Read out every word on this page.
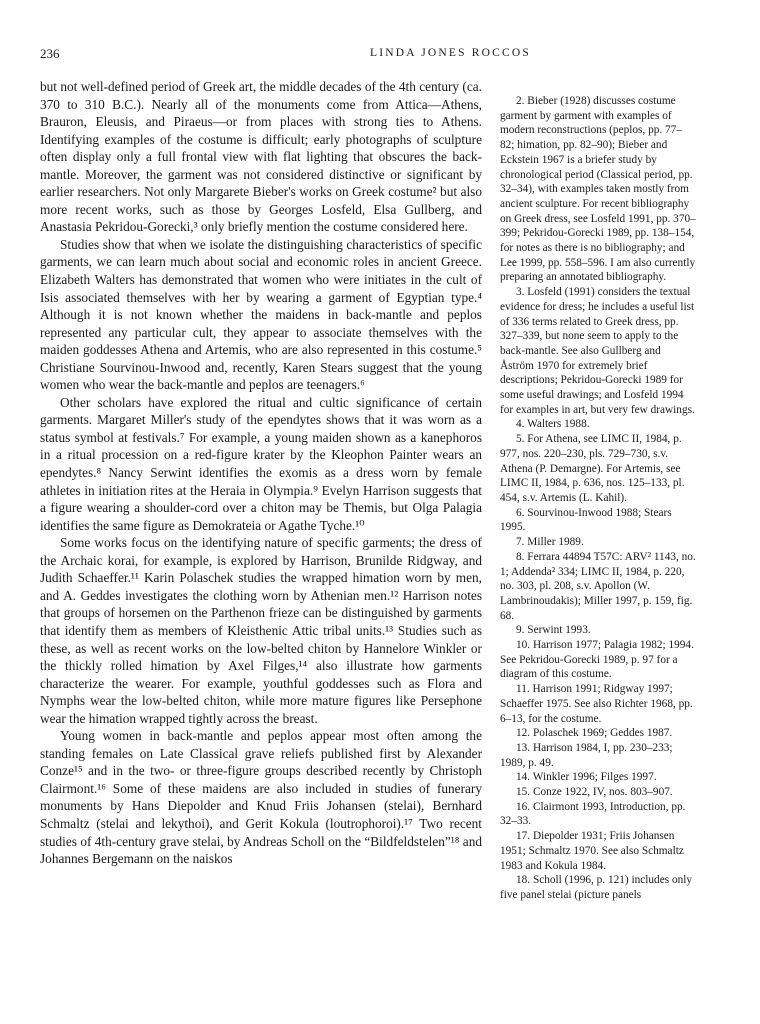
236	LINDA JONES ROCCOS

but not well-defined period of Greek art, the middle decades of the 4th century (ca. 370 to 310 B.C.). Nearly all of the monuments come from Attica—Athens, Brauron, Eleusis, and Piraeus—or from places with strong ties to Athens. Identifying examples of the costume is difficult; early photographs of sculpture often display only a full frontal view with flat lighting that obscures the back-mantle. Moreover, the garment was not considered distinctive or significant by earlier researchers. Not only Margarete Bieber's works on Greek costume² but also more recent works, such as those by Georges Losfeld, Elsa Gullberg, and Anastasia Pekridou-Gorecki,³ only briefly mention the costume considered here.

Studies show that when we isolate the distinguishing characteristics of specific garments, we can learn much about social and economic roles in ancient Greece. Elizabeth Walters has demonstrated that women who were initiates in the cult of Isis associated themselves with her by wearing a garment of Egyptian type.⁴ Although it is not known whether the maidens in back-mantle and peplos represented any particular cult, they appear to associate themselves with the maiden goddesses Athena and Artemis, who are also represented in this costume.⁵ Christiane Sourvinou-Inwood and, recently, Karen Stears suggest that the young women who wear the back-mantle and peplos are teenagers.⁶

Other scholars have explored the ritual and cultic significance of certain garments. Margaret Miller's study of the ependytes shows that it was worn as a status symbol at festivals.⁷ For example, a young maiden shown as a kanephoros in a ritual procession on a red-figure krater by the Kleophon Painter wears an ependytes.⁸ Nancy Serwint identifies the exomis as a dress worn by female athletes in initiation rites at the Heraia in Olympia.⁹ Evelyn Harrison suggests that a figure wearing a shoulder-cord over a chiton may be Themis, but Olga Palagia identifies the same figure as Demokrateia or Agathe Tyche.¹⁰

Some works focus on the identifying nature of specific garments; the dress of the Archaic korai, for example, is explored by Harrison, Brunilde Ridgway, and Judith Schaeffer.¹¹ Karin Polaschek studies the wrapped himation worn by men, and A. Geddes investigates the clothing worn by Athenian men.¹² Harrison notes that groups of horsemen on the Parthenon frieze can be distinguished by garments that identify them as members of Kleisthenic Attic tribal units.¹³ Studies such as these, as well as recent works on the low-belted chiton by Hannelore Winkler or the thickly rolled himation by Axel Filges,¹⁴ also illustrate how garments characterize the wearer. For example, youthful goddesses such as Flora and Nymphs wear the low-belted chiton, while more mature figures like Persephone wear the himation wrapped tightly across the breast.

Young women in back-mantle and peplos appear most often among the standing females on Late Classical grave reliefs published first by Alexander Conze¹⁵ and in the two- or three-figure groups described recently by Christoph Clairmont.¹⁶ Some of these maidens are also included in studies of funerary monuments by Hans Diepolder and Knud Friis Johansen (stelai), Bernhard Schmaltz (stelai and lekythoi), and Gerit Kokula (loutrophoroi).¹⁷ Two recent studies of 4th-century grave stelai, by Andreas Scholl on the “Bildfeldstelen”¹⁸ and Johannes Bergemann on the naiskos

2. Bieber (1928) discusses costume garment by garment with examples of modern reconstructions (peplos, pp. 77–82; himation, pp. 82–90); Bieber and Eckstein 1967 is a briefer study by chronological period (Classical period, pp. 32–34), with examples taken mostly from ancient sculpture. For recent bibliography on Greek dress, see Losfeld 1991, pp. 370–399; Pekridou-Gorecki 1989, pp. 138–154, for notes as there is no bibliography; and Lee 1999, pp. 558–596. I am also currently preparing an annotated bibliography.

3. Losfeld (1991) considers the textual evidence for dress; he includes a useful list of 336 terms related to Greek dress, pp. 327–339, but none seem to apply to the back-mantle. See also Gullberg and Åström 1970 for extremely brief descriptions; Pekridou-Gorecki 1989 for some useful drawings; and Losfeld 1994 for examples in art, but very few drawings.

4. Walters 1988.

5. For Athena, see LIMC II, 1984, p. 977, nos. 220–230, pls. 729–730, s.v. Athena (P. Demargne). For Artemis, see LIMC II, 1984, p. 636, nos. 125–133, pl. 454, s.v. Artemis (L. Kahil).

6. Sourvinou-Inwood 1988; Stears 1995.

7. Miller 1989.

8. Ferrara 44894 T57C: ARV² 1143, no. 1; Addenda² 334; LIMC II, 1984, p. 220, no. 303, pl. 208, s.v. Apollon (W. Lambrinoudakis); Miller 1997, p. 159, fig. 68.

9. Serwint 1993.

10. Harrison 1977; Palagia 1982; 1994. See Pekridou-Gorecki 1989, p. 97 for a diagram of this costume.

11. Harrison 1991; Ridgway 1997; Schaeffer 1975. See also Richter 1968, pp. 6–13, for the costume.

12. Polaschek 1969; Geddes 1987.

13. Harrison 1984, I, pp. 230–233; 1989, p. 49.

14. Winkler 1996; Filges 1997.

15. Conze 1922, IV, nos. 803–907.

16. Clairmont 1993, Introduction, pp. 32–33.

17. Diepolder 1931; Friis Johansen 1951; Schmaltz 1970. See also Schmaltz 1983 and Kokula 1984.

18. Scholl (1996, p. 121) includes only five panel stelai (picture panels
